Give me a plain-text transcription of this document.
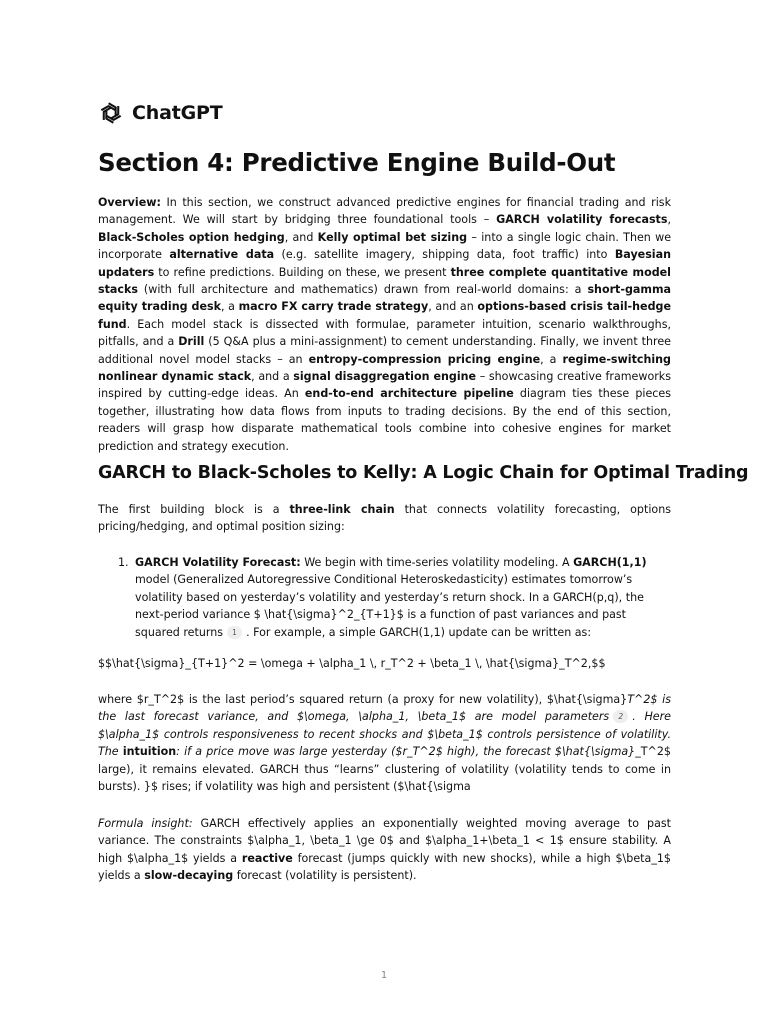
ChatGPT
Section 4: Predictive Engine Build-Out

Overview: In this section, we construct advanced predictive engines for financial trading and risk management. We will start by bridging three foundational tools – GARCH volatility forecasts, Black-Scholes option hedging, and Kelly optimal bet sizing – into a single logic chain. Then we incorporate alternative data (e.g. satellite imagery, shipping data, foot traffic) into Bayesian updaters to refine predictions. Building on these, we present three complete quantitative model stacks (with full architecture and mathematics) drawn from real-world domains: a short-gamma equity trading desk, a macro FX carry trade strategy, and an options-based crisis tail-hedge fund. Each model stack is dissected with formulae, parameter intuition, scenario walkthroughs, pitfalls, and a Drill (5 Q&A plus a mini-assignment) to cement understanding. Finally, we invent three additional novel model stacks – an entropy-compression pricing engine, a regime-switching nonlinear dynamic stack, and a signal disaggregation engine – showcasing creative frameworks inspired by cutting-edge ideas. An end-to-end architecture pipeline diagram ties these pieces together, illustrating how data flows from inputs to trading decisions. By the end of this section, readers will grasp how disparate mathematical tools combine into cohesive engines for market prediction and strategy execution.

GARCH to Black-Scholes to Kelly: A Logic Chain for Optimal Trading

The first building block is a three-link chain that connects volatility forecasting, options pricing/hedging, and optimal position sizing:

1. GARCH Volatility Forecast: We begin with time-series volatility modeling. A GARCH(1,1) model (Generalized Autoregressive Conditional Heteroskedasticity) estimates tomorrow’s volatility based on yesterday’s volatility and yesterday’s return shock. In a GARCH(p,q), the next-period variance $ \hat{\sigma}^2_{T+1}$ is a function of past variances and past squared returns 1 . For example, a simple GARCH(1,1) update can be written as:

$$\hat{\sigma}_{T+1}^2 = \omega + \alpha_1 \, r_T^2 + \beta_1 \, \hat{\sigma}_T^2,$$

where $r_T^2$ is the last period’s squared return (a proxy for new volatility), $\hat{\sigma}T^2$ is the last forecast variance, and $\omega, \alpha_1, \beta_1$ are model parameters 2 . Here $\alpha_1$ controls responsiveness to recent shocks and $\beta_1$ controls persistence of volatility. The intuition: if a price move was large yesterday ($r_T^2$ high), the forecast $\hat{\sigma}_T^2$ large), it remains elevated. GARCH thus “learns” clustering of volatility (volatility tends to come in bursts). }$ rises; if volatility was high and persistent ($\hat{\sigma

Formula insight: GARCH effectively applies an exponentially weighted moving average to past variance. The constraints $\alpha_1, \beta_1 \ge 0$ and $\alpha_1+\beta_1 < 1$ ensure stability. A high $\alpha_1$ yields a reactive forecast (jumps quickly with new shocks), while a high $\beta_1$ yields a slow-decaying forecast (volatility is persistent).

1
